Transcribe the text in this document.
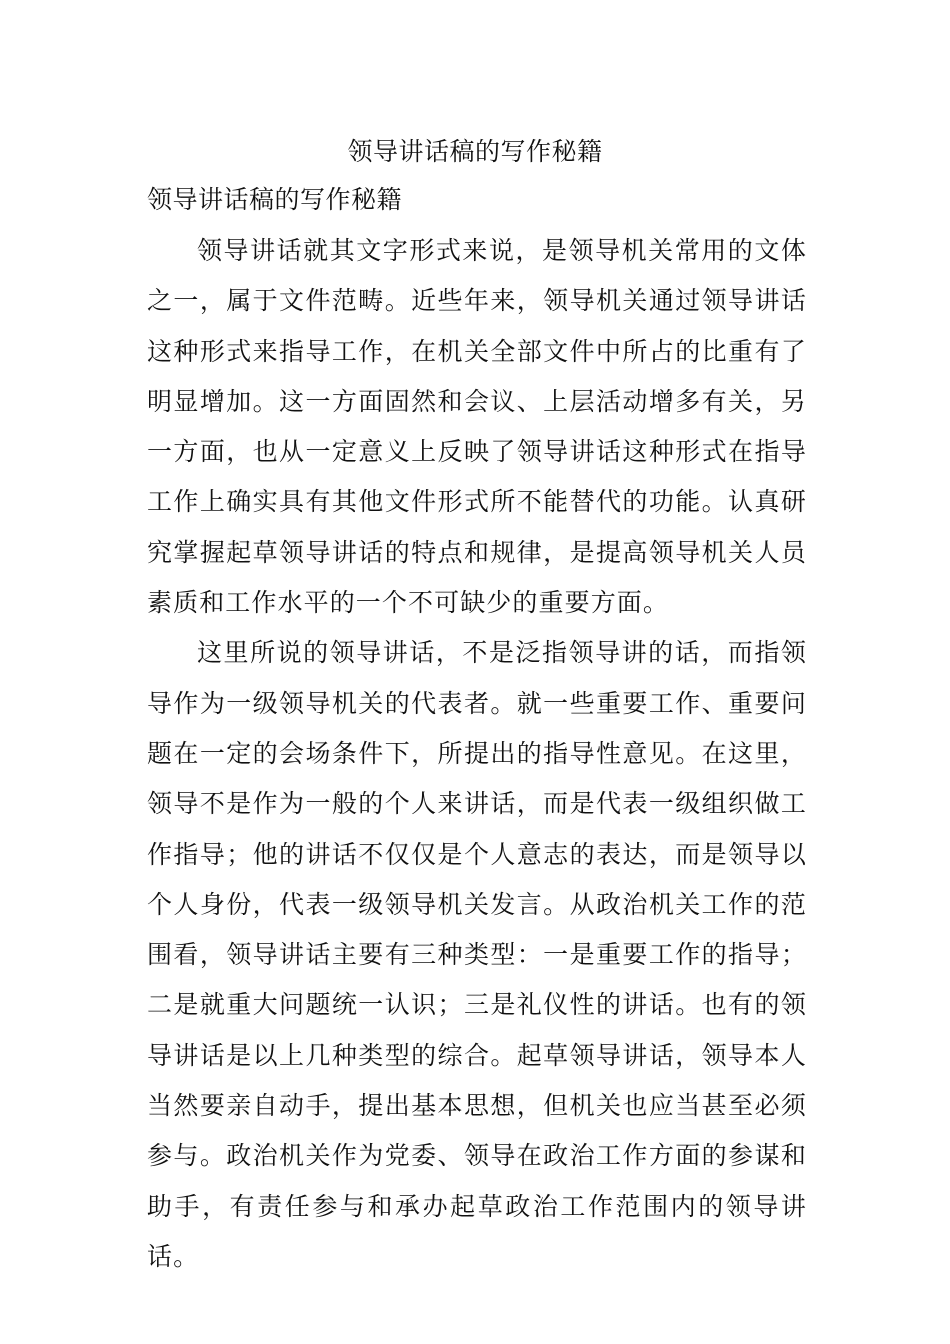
领导讲话稿的写作秘籍
领导讲话稿的写作秘籍

领导讲话就其文字形式来说，是领导机关常用的文体之一，属于文件范畴。近些年来，领导机关通过领导讲话这种形式来指导工作，在机关全部文件中所占的比重有了明显增加。这一方面固然和会议、上层活动增多有关，另一方面，也从一定意义上反映了领导讲话这种形式在指导工作上确实具有其他文件形式所不能替代的功能。认真研究掌握起草领导讲话的特点和规律，是提高领导机关人员素质和工作水平的一个不可缺少的重要方面。

这里所说的领导讲话，不是泛指领导讲的话，而指领导作为一级领导机关的代表者。就一些重要工作、重要问题在一定的会场条件下，所提出的指导性意见。在这里，领导不是作为一般的个人来讲话，而是代表一级组织做工作指导；他的讲话不仅仅是个人意志的表达，而是领导以个人身份，代表一级领导机关发言。从政治机关工作的范围看，领导讲话主要有三种类型：一是重要工作的指导；二是就重大问题统一认识；三是礼仪性的讲话。也有的领导讲话是以上几种类型的综合。起草领导讲话，领导本人当然要亲自动手，提出基本思想，但机关也应当甚至必须参与。政治机关作为党委、领导在政治工作方面的参谋和助手，有责任参与和承办起草政治工作范围内的领导讲话。
